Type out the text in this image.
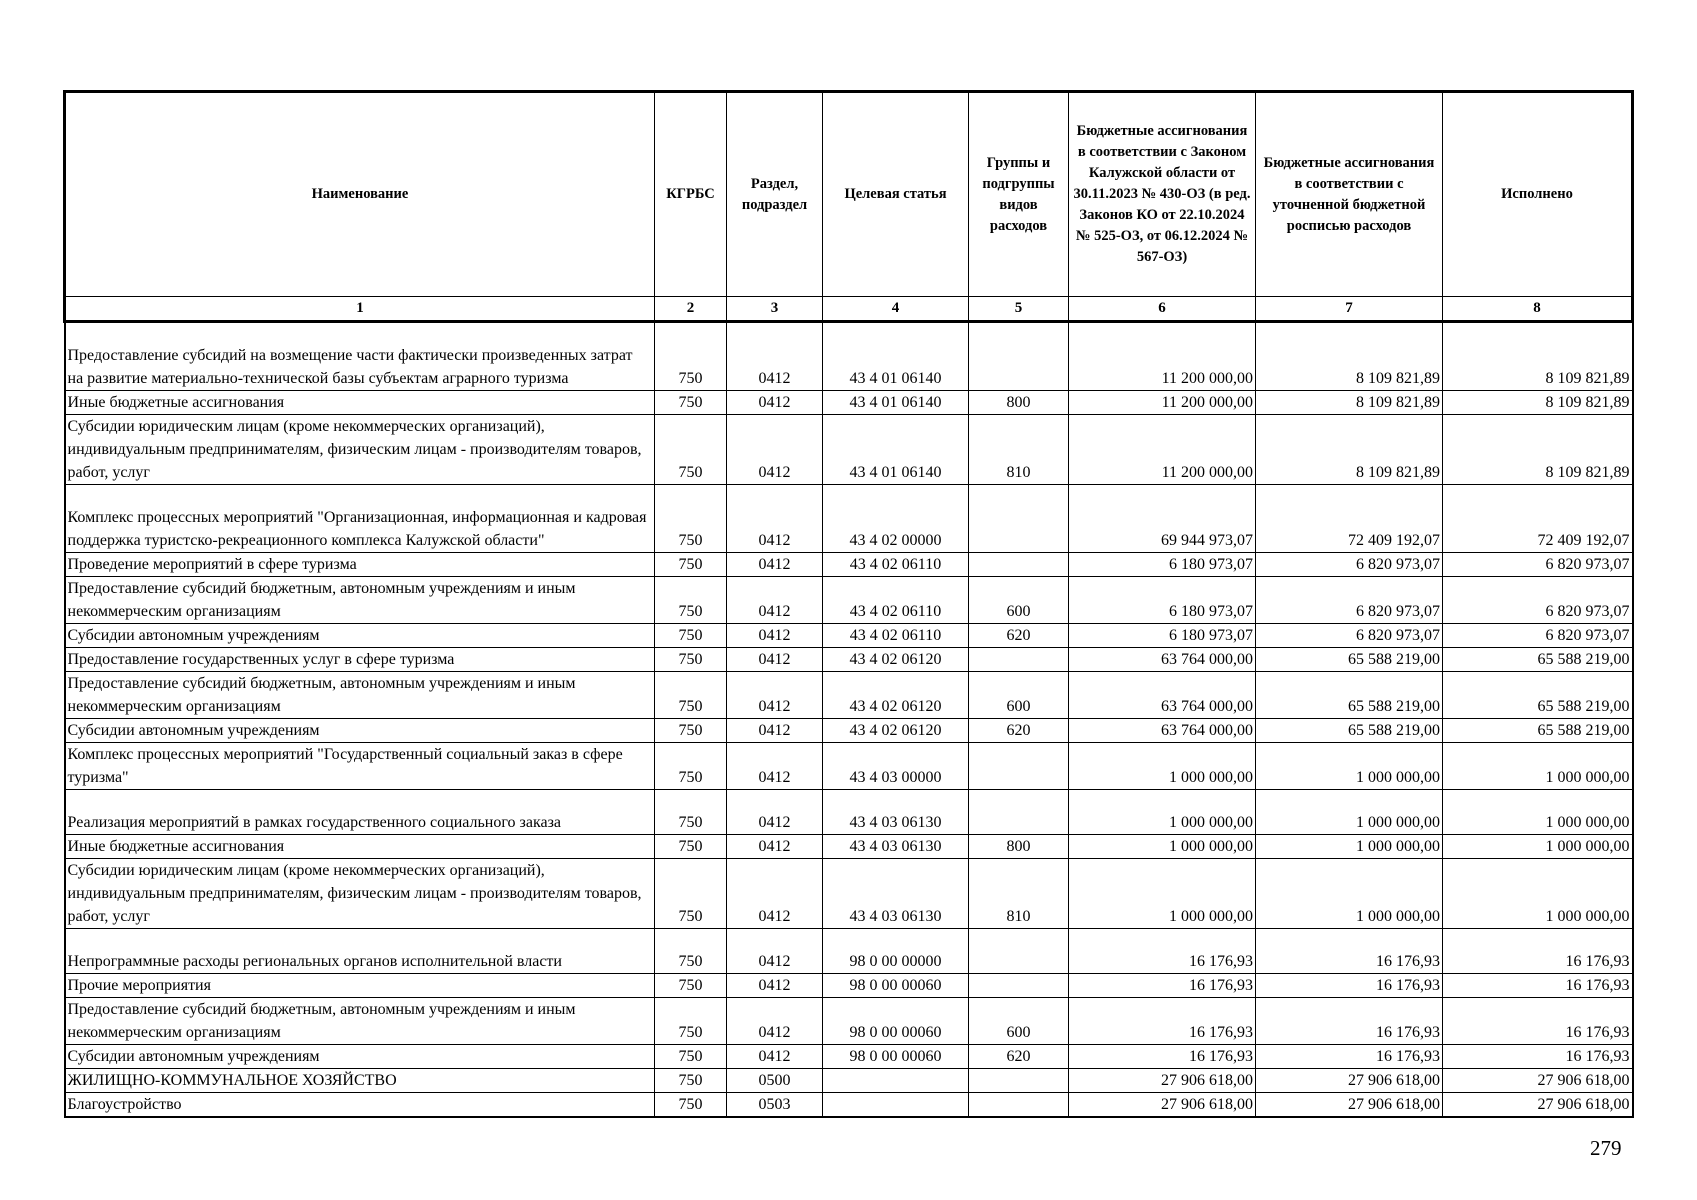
Наименование	КГРБС	Раздел, подраздел	Целевая статья	Группы и подгруппы видов расходов	Бюджетные ассигнования в соответствии с Законом Калужской области от 30.11.2023 № 430-ОЗ (в ред. Законов КО от 22.10.2024 № 525-ОЗ, от 06.12.2024 № 567-ОЗ)	Бюджетные ассигнования в соответствии с уточненной бюджетной росписью расходов	Исполнено
1	2	3	4	5	6	7	8
Предоставление субсидий на возмещение части фактически произведенных затрат на развитие материально-технической базы субъектам аграрного туризма	750	0412	43 4 01 06140		11 200 000,00	8 109 821,89	8 109 821,89
Иные бюджетные ассигнования	750	0412	43 4 01 06140	800	11 200 000,00	8 109 821,89	8 109 821,89
Субсидии юридическим лицам (кроме некоммерческих организаций), индивидуальным предпринимателям, физическим лицам - производителям товаров, работ, услуг	750	0412	43 4 01 06140	810	11 200 000,00	8 109 821,89	8 109 821,89
Комплекс процессных мероприятий "Организационная, информационная и кадровая поддержка туристско-рекреационного комплекса Калужской области"	750	0412	43 4 02 00000		69 944 973,07	72 409 192,07	72 409 192,07
Проведение мероприятий в сфере туризма	750	0412	43 4 02 06110		6 180 973,07	6 820 973,07	6 820 973,07
Предоставление субсидий бюджетным, автономным учреждениям и иным некоммерческим организациям	750	0412	43 4 02 06110	600	6 180 973,07	6 820 973,07	6 820 973,07
Субсидии автономным учреждениям	750	0412	43 4 02 06110	620	6 180 973,07	6 820 973,07	6 820 973,07
Предоставление государственных услуг в сфере туризма	750	0412	43 4 02 06120		63 764 000,00	65 588 219,00	65 588 219,00
Предоставление субсидий бюджетным, автономным учреждениям и иным некоммерческим организациям	750	0412	43 4 02 06120	600	63 764 000,00	65 588 219,00	65 588 219,00
Субсидии автономным учреждениям	750	0412	43 4 02 06120	620	63 764 000,00	65 588 219,00	65 588 219,00
Комплекс процессных мероприятий "Государственный социальный заказ в сфере туризма"	750	0412	43 4 03 00000		1 000 000,00	1 000 000,00	1 000 000,00
Реализация мероприятий в рамках государственного социального заказа	750	0412	43 4 03 06130		1 000 000,00	1 000 000,00	1 000 000,00
Иные бюджетные ассигнования	750	0412	43 4 03 06130	800	1 000 000,00	1 000 000,00	1 000 000,00
Субсидии юридическим лицам (кроме некоммерческих организаций), индивидуальным предпринимателям, физическим лицам - производителям товаров, работ, услуг	750	0412	43 4 03 06130	810	1 000 000,00	1 000 000,00	1 000 000,00
Непрограммные расходы региональных органов исполнительной власти	750	0412	98 0 00 00000		16 176,93	16 176,93	16 176,93
Прочие мероприятия	750	0412	98 0 00 00060		16 176,93	16 176,93	16 176,93
Предоставление субсидий бюджетным, автономным учреждениям и иным некоммерческим организациям	750	0412	98 0 00 00060	600	16 176,93	16 176,93	16 176,93
Субсидии автономным учреждениям	750	0412	98 0 00 00060	620	16 176,93	16 176,93	16 176,93
ЖИЛИЩНО-КОММУНАЛЬНОЕ ХОЗЯЙСТВО	750	0500			27 906 618,00	27 906 618,00	27 906 618,00
Благоустройство	750	0503			27 906 618,00	27 906 618,00	27 906 618,00
279
